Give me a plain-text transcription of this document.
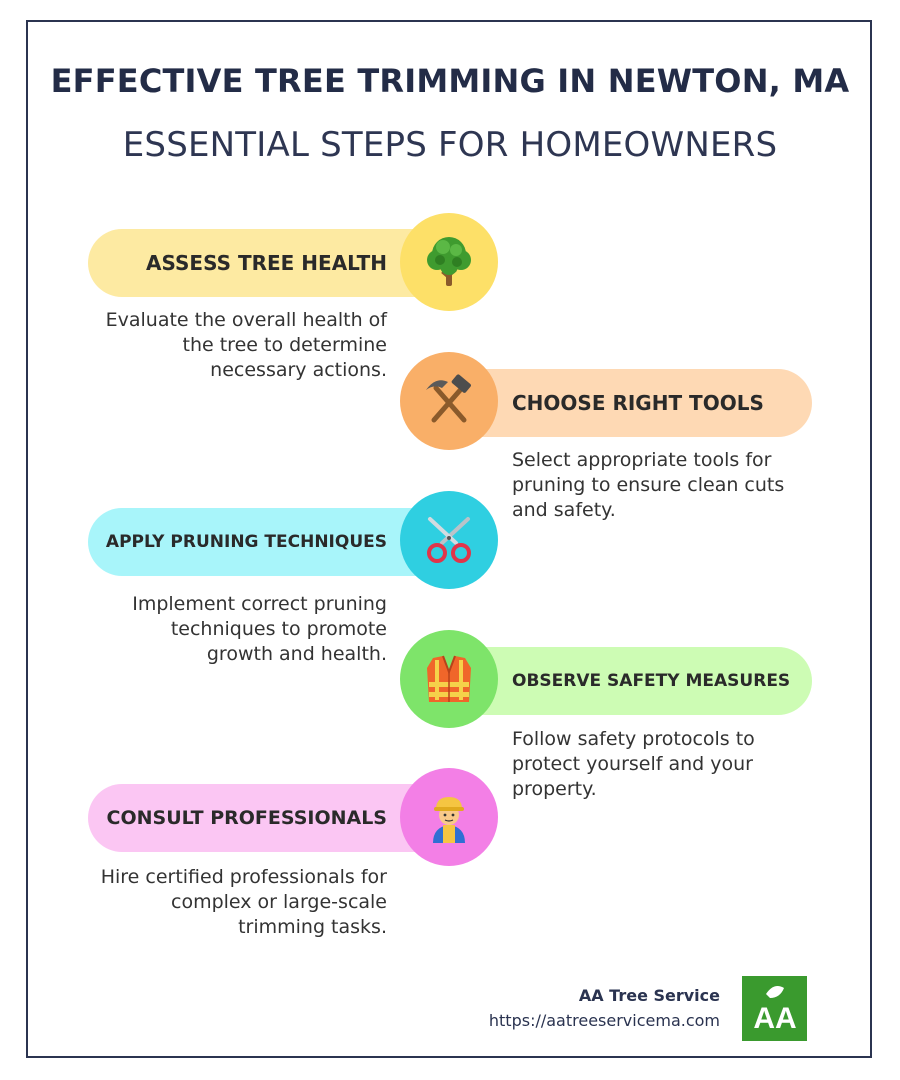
EFFECTIVE TREE TRIMMING IN NEWTON, MA
ESSENTIAL STEPS FOR HOMEOWNERS
ASSESS TREE HEALTH
Evaluate the overall health of the tree to determine necessary actions.
CHOOSE RIGHT TOOLS
Select appropriate tools for pruning to ensure clean cuts and safety.
APPLY PRUNING TECHNIQUES
Implement correct pruning techniques to promote growth and health.
OBSERVE SAFETY MEASURES
Follow safety protocols to protect yourself and your property.
CONSULT PROFESSIONALS
Hire certified professionals for complex or large-scale trimming tasks.
AA Tree Service
https://aatreeservicema.com AA
